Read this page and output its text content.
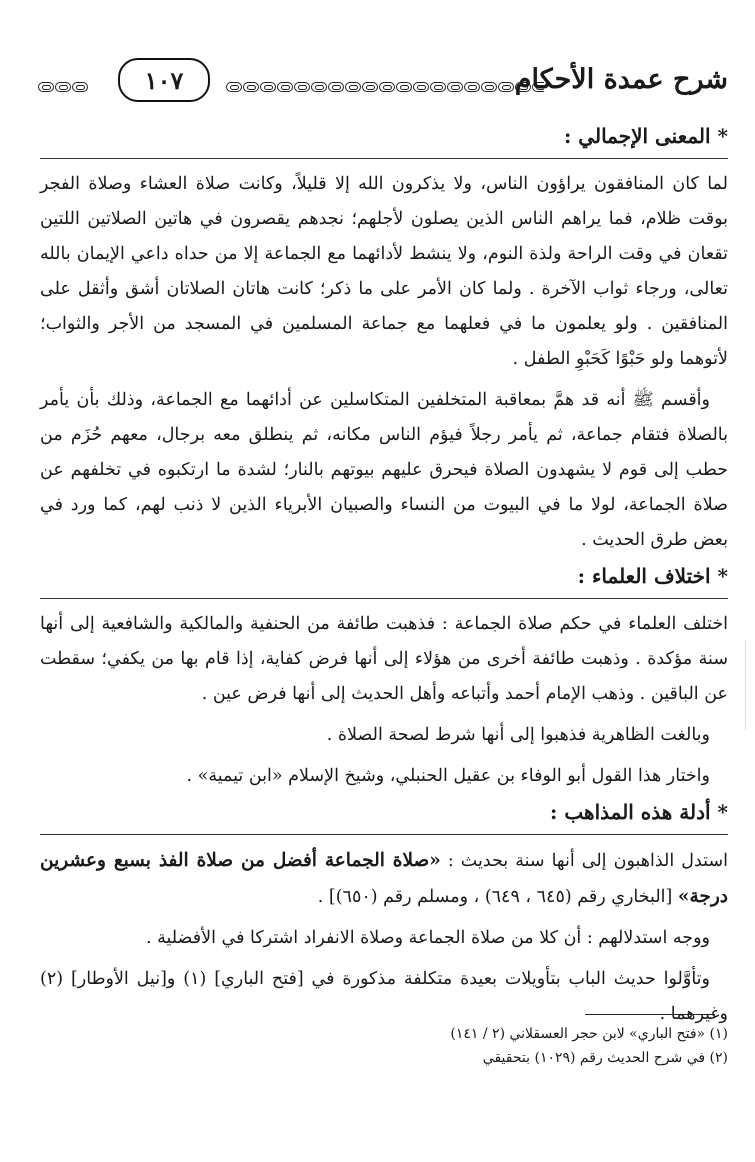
١٠٧	شرح عمدة الأحكام

* المعنى الإجمالي :

لما كان المنافقون يراؤون الناس، ولا يذكرون الله إلا قليلاً، وكانت صلاة العشاء وصلاة الفجر بوقت ظلام، فما يراهم الناس الذين يصلون لأجلهم؛ نجدهم يقصرون في هاتين الصلاتين اللتين تقعان في وقت الراحة ولذة النوم، ولا ينشط لأدائهما مع الجماعة إلا من حداه داعي الإيمان بالله تعالى، ورجاء ثواب الآخرة . ولما كان الأمر على ما ذكر؛ كانت هاتان الصلاتان أشق وأثقل على المنافقين . ولو يعلمون ما في فعلهما مع جماعة المسلمين في المسجد من الأجر والثواب؛ لأتوهما ولو حَبْوًا كَحَبْوِ الطفل .

وأقسم ﷺ أنه قد همَّ بمعاقبة المتخلفين المتكاسلين عن أدائهما مع الجماعة، وذلك بأن يأمر بالصلاة فتقام جماعة، ثم يأمر رجلاً فيؤم الناس مكانه، ثم ينطلق معه برجال، معهم حُزَم من حطب إلى قوم لا يشهدون الصلاة فيحرق عليهم بيوتهم بالنار؛ لشدة ما ارتكبوه في تخلفهم عن صلاة الجماعة، لولا ما في البيوت من النساء والصبيان الأبرياء الذين لا ذنب لهم، كما ورد في بعض طرق الحديث .

* اختلاف العلماء :

اختلف العلماء في حكم صلاة الجماعة : فذهبت طائفة من الحنفية والمالكية والشافعية إلى أنها سنة مؤكدة . وذهبت طائفة أخرى من هؤلاء إلى أنها فرض كفاية، إذا قام بها من يكفي؛ سقطت عن الباقين . وذهب الإمام أحمد وأتباعه وأهل الحديث إلى أنها فرض عين .

وبالغت الظاهرية فذهبوا إلى أنها شرط لصحة الصلاة .

واختار هذا القول أبو الوفاء بن عقيل الحنبلي، وشيخ الإسلام «ابن تيمية» .

* أدلة هذه المذاهب :

استدل الذاهبون إلى أنها سنة بحديث : «صلاة الجماعة أفضل من صلاة الفذ بسبع وعشرين درجة» [البخاري رقم (٦٤٥ ، ٦٤٩) ، ومسلم رقم (٦٥٠)] .

ووجه استدلالهم : أن كلا من صلاة الجماعة وصلاة الانفراد اشتركا في الأفضلية .

وتأوَّلوا حديث الباب بتأويلات بعيدة متكلفة مذكورة في [فتح الباري] (١) و[نيل الأوطار] (٢) وغيرهما .

(١) «فتح الباري» لابن حجر العسقلاني (٢ / ١٤١)
(٢) في شرح الحديث رقم (١٠٢٩) بتحقيقي
